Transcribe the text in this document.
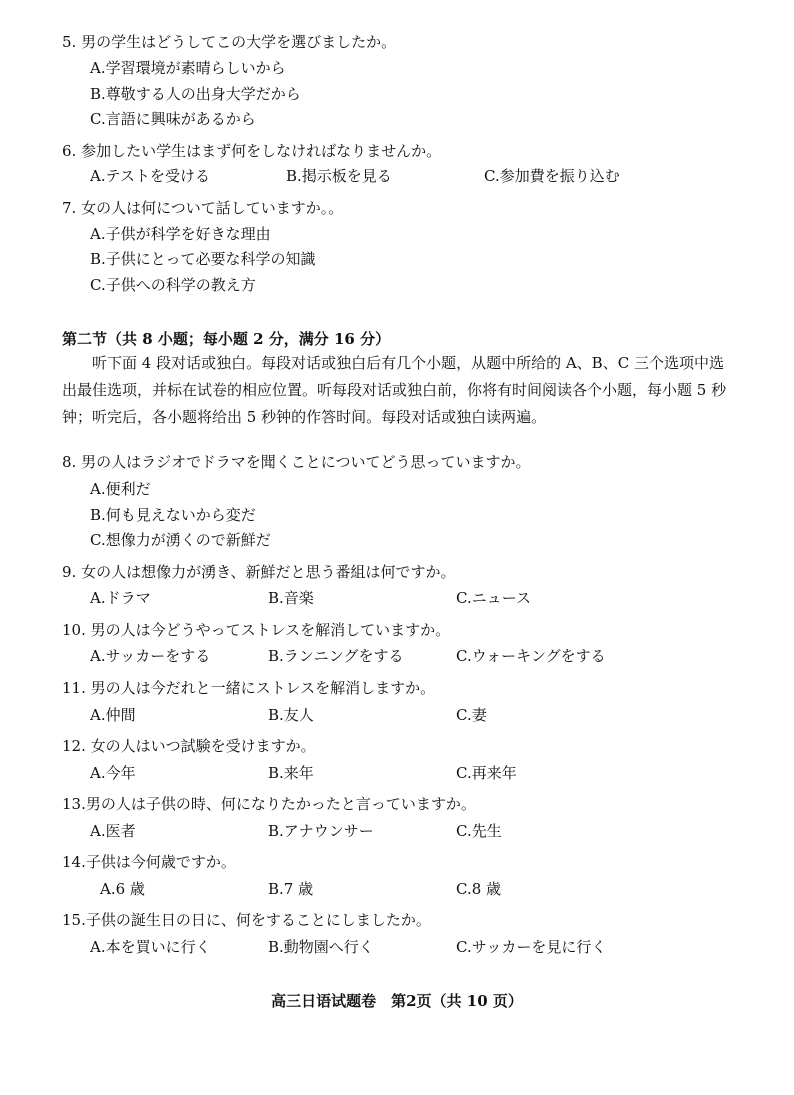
5. 男の学生はどうしてこの大学を選びましたか。
A.学習環境が素晴らしいから
B.尊敬する人の出身大学だから
C.言語に興味があるから
6. 参加したい学生はまず何をしなければなりませんか。
A.テストを受ける	B.掲示板を見る	C.参加費を振り込む
7. 女の人は何について話していますか。。
A.子供が科学を好きな理由
B.子供にとって必要な科学の知識
C.子供への科学の教え方
第二节（共 8 小题；每小题 2 分，满分 16 分）
听下面 4 段对话或独白。每段对话或独白后有几个小题，从题中所给的 A、B、C 三个选项中选出最佳选项，并标在试卷的相应位置。听每段对话或独白前，你将有时间阅读各个小题，每小题 5 秒钟；听完后，各小题将给出 5 秒钟的作答时间。每段对话或独白读两遍。
8. 男の人はラジオでドラマを聞くことについてどう思っていますか。
A.便利だ
B.何も見えないから変だ
C.想像力が湧くので新鮮だ
9. 女の人は想像力が湧き、新鮮だと思う番組は何ですか。
A.ドラマ	B.音楽	C.ニュース
10. 男の人は今どうやってストレスを解消していますか。
A.サッカーをする	B.ランニングをする	C.ウォーキングをする
11. 男の人は今だれと一緒にストレスを解消しますか。
A.仲間	B.友人	C.妻
12. 女の人はいつ試験を受けますか。
A.今年	B.来年	C.再来年
13.男の人は子供の時、何になりたかったと言っていますか。
A.医者	B.アナウンサー	C.先生
14.子供は今何歳ですか。
A.6 歳	B.7 歳	C.8 歳
15.子供の誕生日の日に、何をすることにしましたか。
A.本を買いに行く	B.動物園へ行く	C.サッカーを見に行く
高三日语试题卷　第2页（共 10 页）
